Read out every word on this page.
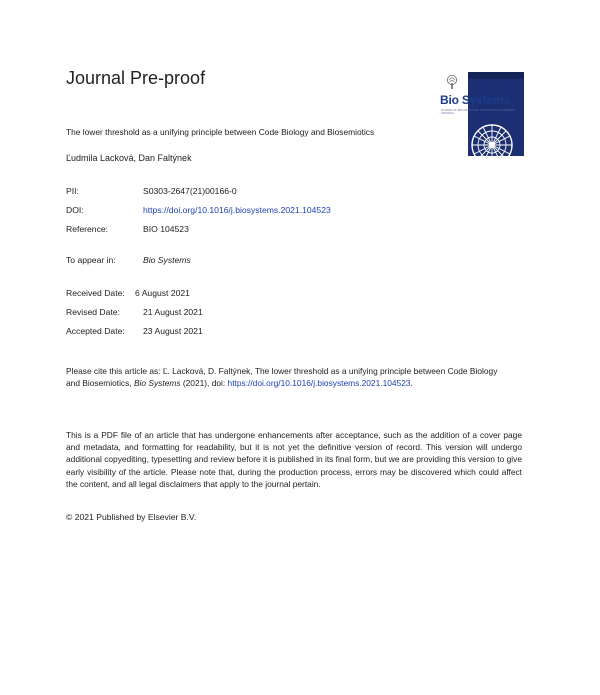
Journal Pre-proof
The lower threshold as a unifying principle between Code Biology and Biosemiotics
Ľudmila Lacková, Dan Faltýnek
PII:	S0303-2647(21)00166-0
DOI:	https://doi.org/10.1016/j.biosystems.2021.104523
Reference:	BIO 104523
To appear in:	Bio Systems
Received Date: 6 August 2021
Revised Date:	21 August 2021
Accepted Date: 23 August 2021
Please cite this article as: Ľ. Lacková, D. Faltýnek, The lower threshold as a unifying principle between Code Biology and Biosemiotics, Bio Systems (2021), doi: https://doi.org/10.1016/j.biosystems.2021.104523.
This is a PDF file of an article that has undergone enhancements after acceptance, such as the addition of a cover page and metadata, and formatting for readability, but it is not yet the definitive version of record. This version will undergo additional copyediting, typesetting and review before it is published in its final form, but we are providing this version to give early visibility of the article. Please note that, during the production process, errors may be discovered which could affect the content, and all legal disclaimers that apply to the journal pertain.
© 2021 Published by Elsevier B.V.
Bio Systems
JOURNAL OF BIOLOGICAL AND INFORMATION PROCESSING SCIENCES
